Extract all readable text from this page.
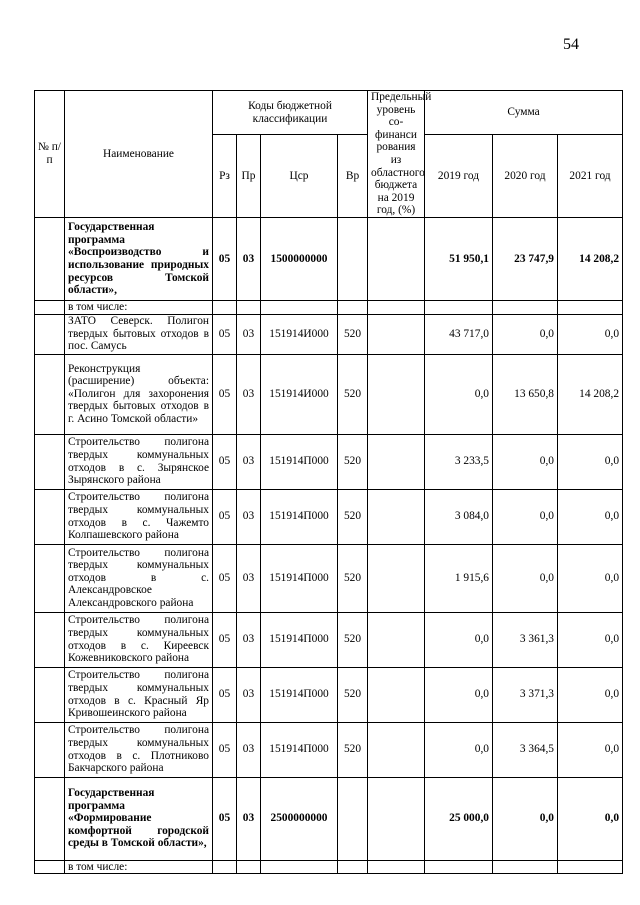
54
№ п/п	Наименование	Коды бюджетной классификации				Предельный уровень со-финанси рования из областного бюджета на 2019 год, (%)	Сумма		
		Рз	Пр	Цср	Вр		2019 год	2020 год	2021 год
	Государственная программа «Воспроизводство и использование природных ресурсов Томской области»,	05	03	1500000000			51 950,1	23 747,9	14 208,2
	в том числе:								
	ЗАТО Северск. Полигон твердых бытовых отходов в пос. Самусь	05	03	151914И000	520		43 717,0	0,0	0,0
	Реконструкция (расширение) объекта: «Полигон для захоронения твердых бытовых отходов в г. Асино Томской области»	05	03	151914И000	520		0,0	13 650,8	14 208,2
	Строительство полигона твердых коммунальных отходов в с. Зырянское Зырянского района	05	03	151914П000	520		3 233,5	0,0	0,0
	Строительство полигона твердых коммунальных отходов в с. Чажемто Колпашевского района	05	03	151914П000	520		3 084,0	0,0	0,0
	Строительство полигона твердых коммунальных отходов в с. Александровское Александровского района	05	03	151914П000	520		1 915,6	0,0	0,0
	Строительство полигона твердых коммунальных отходов в с. Киреевск Кожевниковского района	05	03	151914П000	520		0,0	3 361,3	0,0
	Строительство полигона твердых коммунальных отходов в с. Красный Яр Кривошеинского района	05	03	151914П000	520		0,0	3 371,3	0,0
	Строительство полигона твердых коммунальных отходов в с. Плотниково Бакчарского района	05	03	151914П000	520		0,0	3 364,5	0,0
	Государственная программа «Формирование комфортной городской среды в Томской области»,	05	03	2500000000			25 000,0	0,0	0,0
	в том числе:								
